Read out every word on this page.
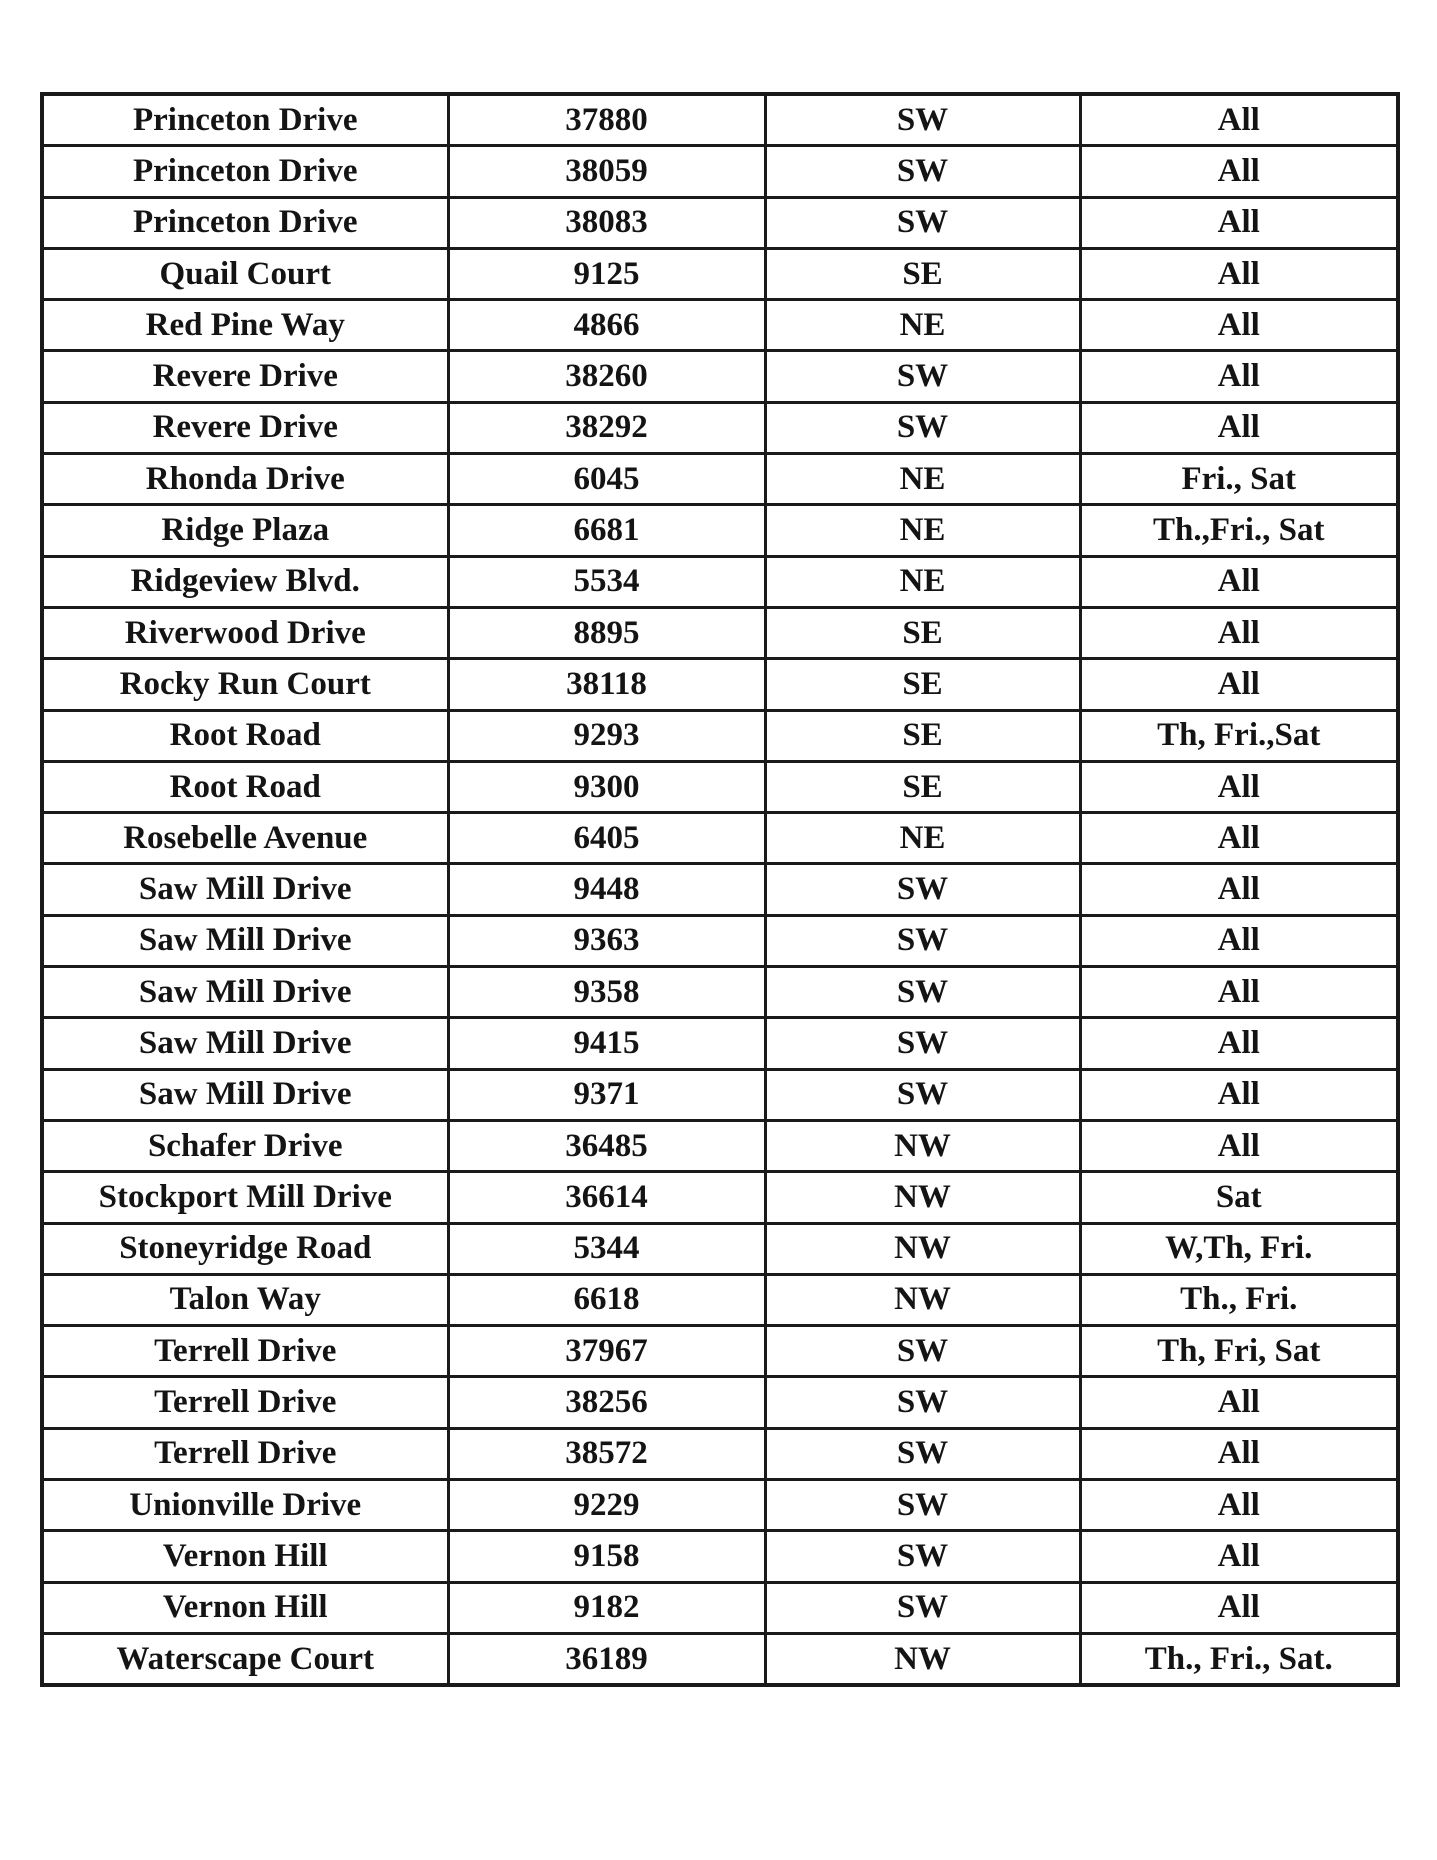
Princeton Drive	37880	SW	All
Princeton Drive	38059	SW	All
Princeton Drive	38083	SW	All
Quail Court	9125	SE	All
Red Pine Way	4866	NE	All
Revere Drive	38260	SW	All
Revere Drive	38292	SW	All
Rhonda Drive	6045	NE	Fri., Sat
Ridge Plaza	6681	NE	Th.,Fri., Sat
Ridgeview Blvd.	5534	NE	All
Riverwood Drive	8895	SE	All
Rocky Run Court	38118	SE	All
Root Road	9293	SE	Th, Fri.,Sat
Root Road	9300	SE	All
Rosebelle Avenue	6405	NE	All
Saw Mill Drive	9448	SW	All
Saw Mill Drive	9363	SW	All
Saw Mill Drive	9358	SW	All
Saw Mill Drive	9415	SW	All
Saw Mill Drive	9371	SW	All
Schafer Drive	36485	NW	All
Stockport Mill Drive	36614	NW	Sat
Stoneyridge Road	5344	NW	W,Th, Fri.
Talon Way	6618	NW	Th., Fri.
Terrell Drive	37967	SW	Th, Fri, Sat
Terrell Drive	38256	SW	All
Terrell Drive	38572	SW	All
Unionville Drive	9229	SW	All
Vernon Hill	9158	SW	All
Vernon Hill	9182	SW	All
Waterscape Court	36189	NW	Th., Fri., Sat.
